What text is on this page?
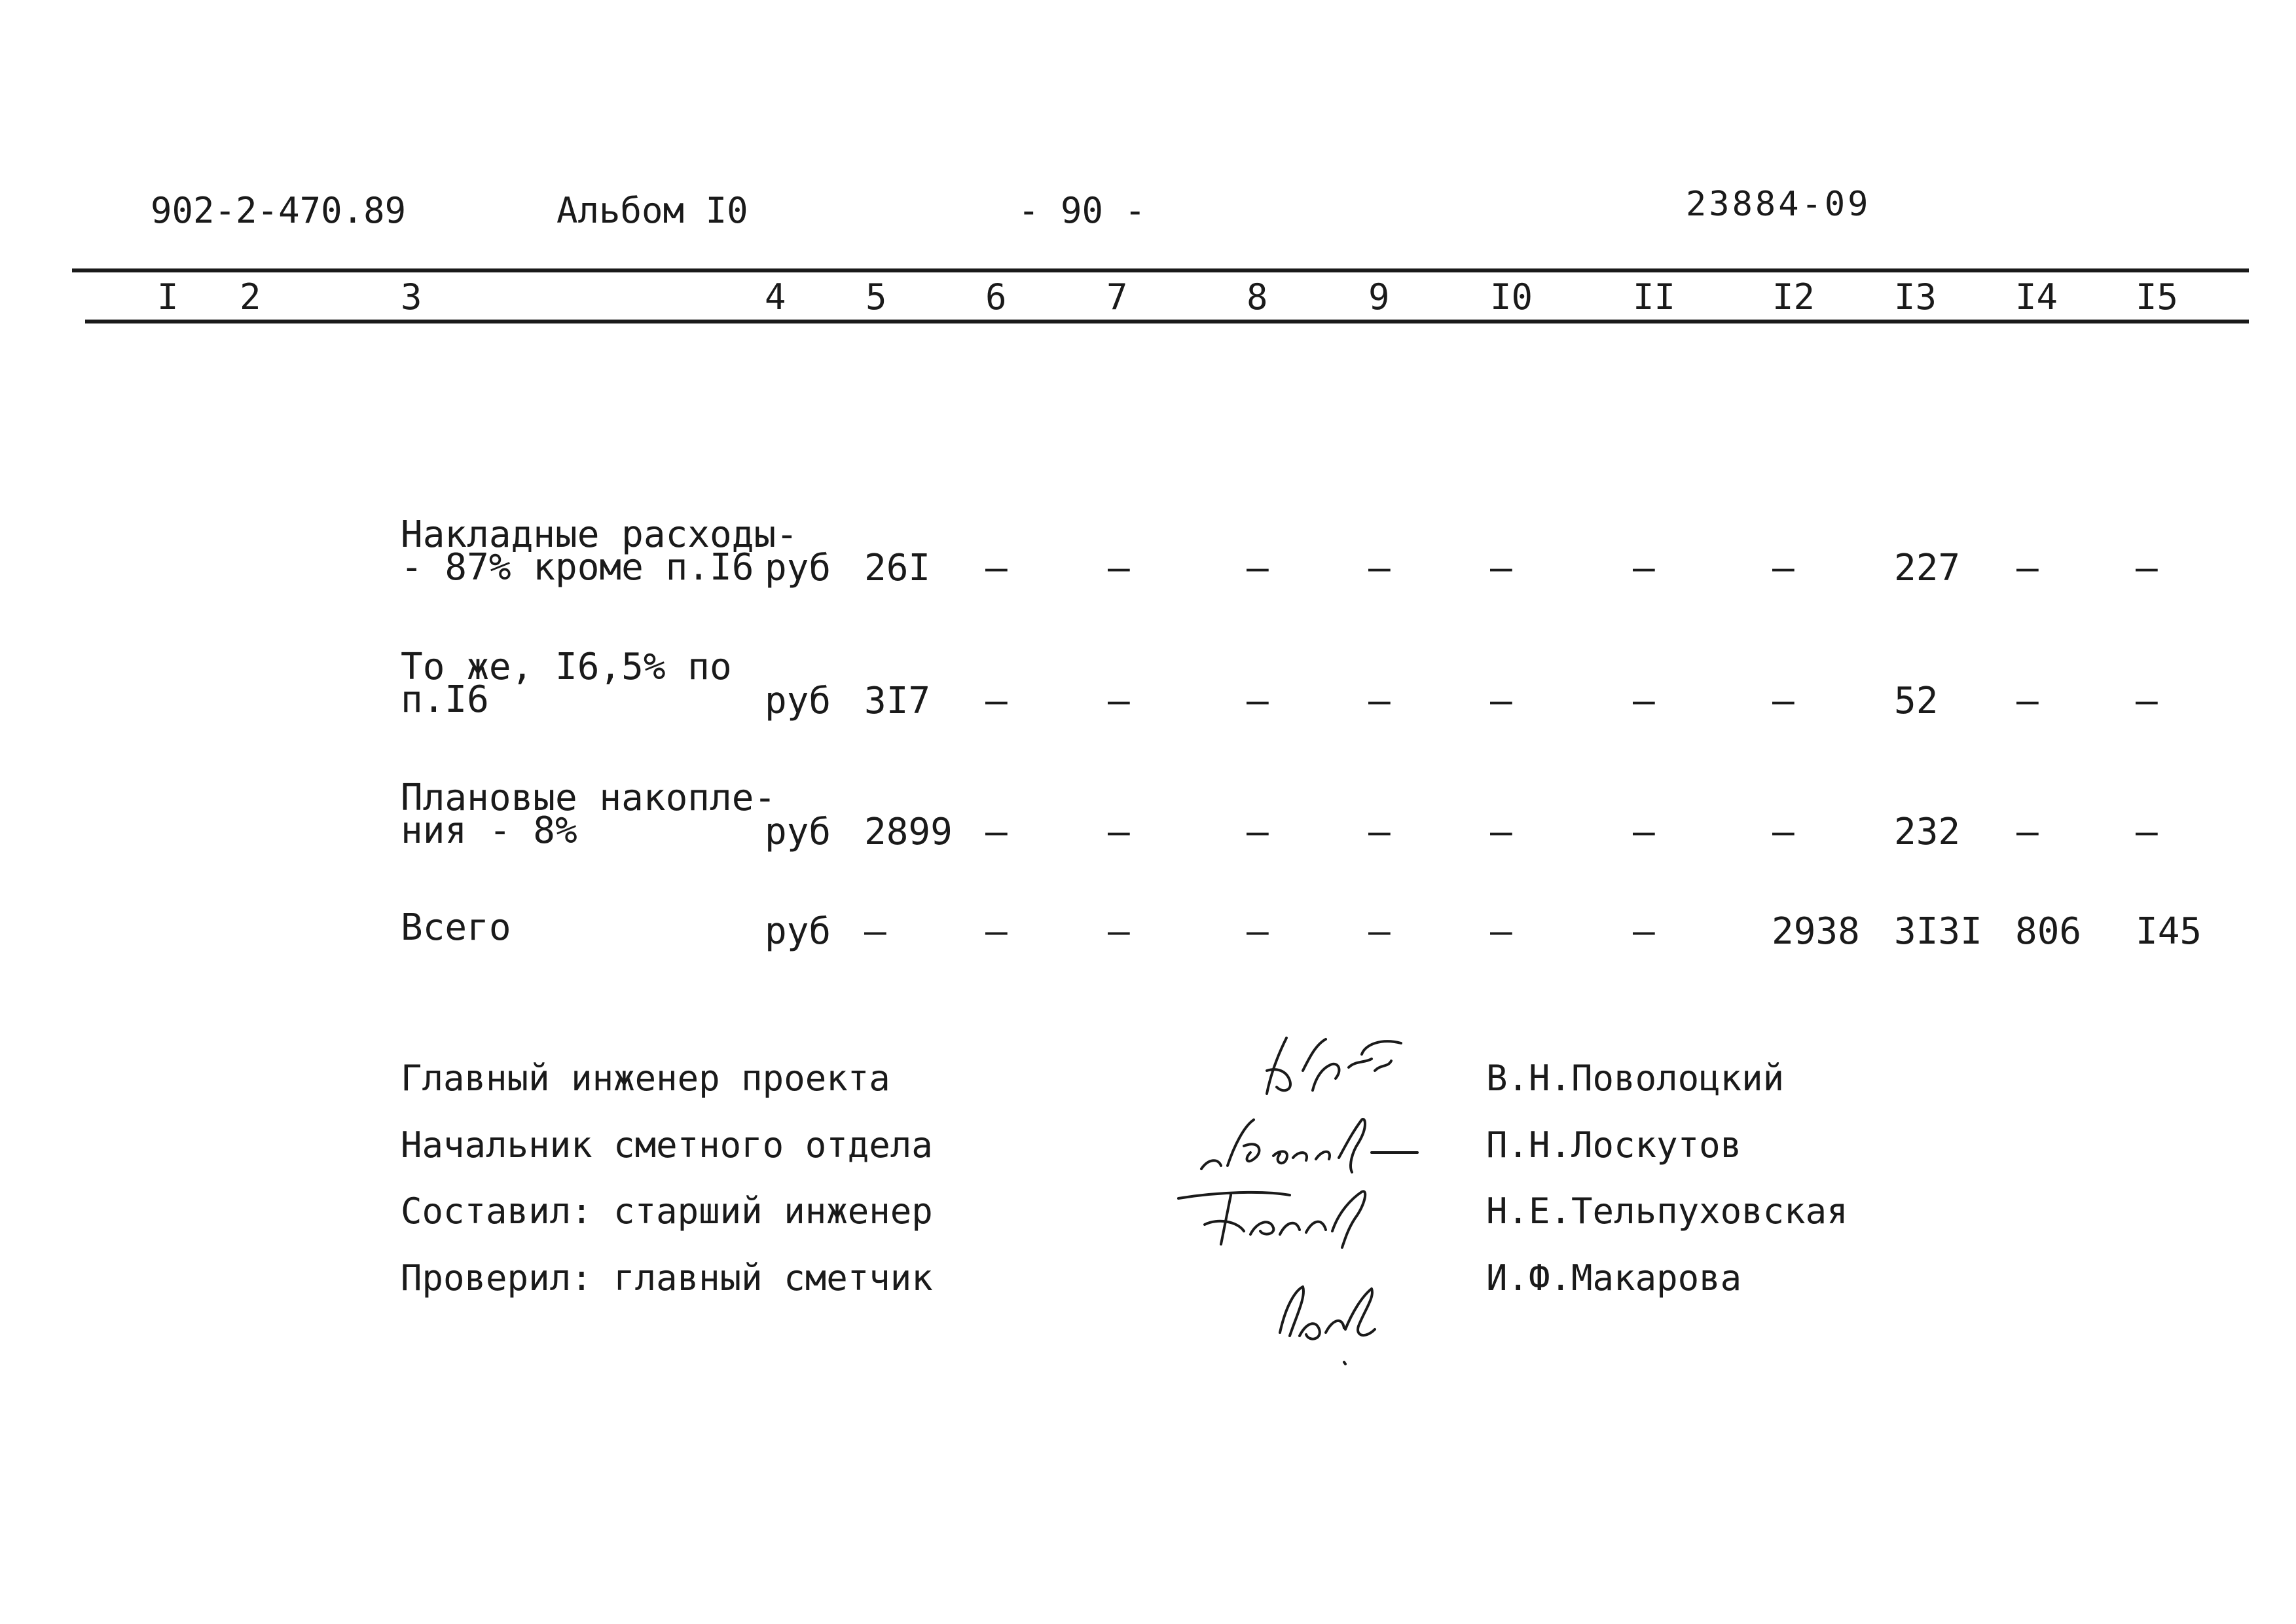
902-2-470.89	Альбом I0	- 90 -	23884-09
I 2	3	4 5	6	7	8	9	I0	II	I2 I3 I4 I5
Накладные расходы-
- 87% кроме п.I6 руб 26I –	–	–	–	–	–	–	227 –	–
То же, I6,5% по
п.I6	руб 3I7 –	–	–	–	–	–	–	52 –	–
Плановые накопле-
ния - 8%	руб 2899 –	–	–	–	–	–	–	232 –	–
Всего	руб –	–	–	–	–	–	–	2938 3I3I 806 I45
Главный инженер проекта
Начальник сметного отдела
Составил: старший инженер
Проверил: главный сметчик
В.Н.Поволоцкий
П.Н.Лоскутов
Н.Е.Тельпуховская
И.Ф.Макарова
